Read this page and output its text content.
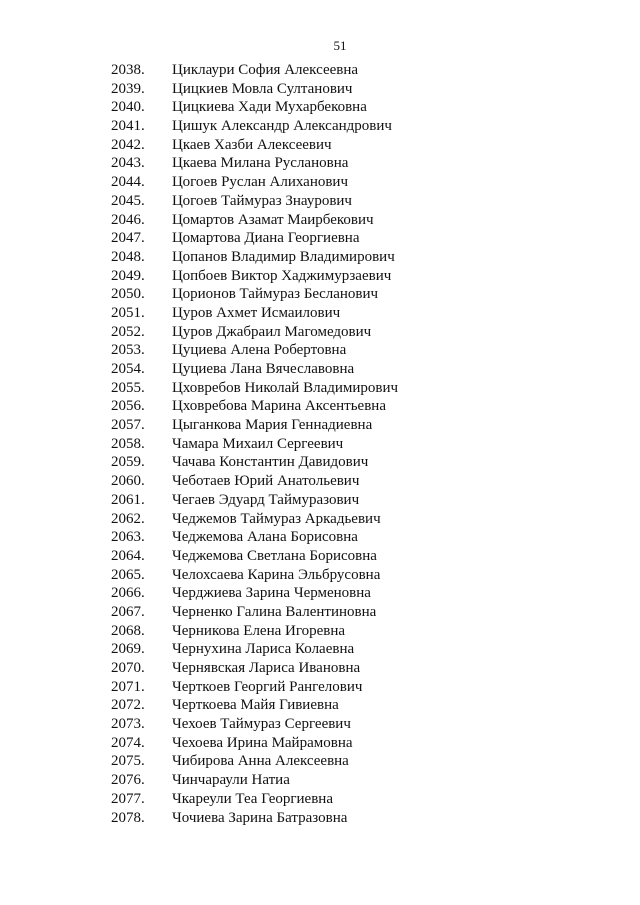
51
2038. Циклаури София Алексеевна
2039. Цицкиев Мовла Султанович
2040. Цицкиева Хади Мухарбековна
2041. Цишук Александр Александрович
2042. Цкаев Хазби Алексеевич
2043. Цкаева Милана Руслановна
2044. Цогоев Руслан Алиханович
2045. Цогоев Таймураз Знаурович
2046. Цомартов Азамат Маирбекович
2047. Цомартова Диана Георгиевна
2048. Цопанов Владимир Владимирович
2049. Цопбоев Виктор Хаджимурзаевич
2050. Цорионов Таймураз Беcланович
2051. Цуров Ахмет Исмаилович
2052. Цуров Джабраил Магомедович
2053. Цуциева Алена Робертовна
2054. Цуциева Лана Вячеславовна
2055. Цховребов Николай Владимирович
2056. Цховребова Марина Аксентьевна
2057. Цыганкова Мария Геннадиевна
2058. Чамара Михаил Сергеевич
2059. Чачава Константин Давидович
2060. Чеботаев Юрий Анатольевич
2061. Чегаев Эдуард Таймуразович
2062. Чеджемов Таймураз Аркадьевич
2063. Чеджемова Алана Борисовна
2064. Чеджемова Светлана Борисовна
2065. Челохсаева Карина Эльбрусовна
2066. Черджиева Зарина Черменовна
2067. Черненко Галина Валентиновна
2068. Черникова Елена Игоревна
2069. Чернухина Лариса Колаевна
2070. Чернявская Лариса Ивановна
2071. Черткоев Георгий Рангелович
2072. Черткоева Майя Гивиевна
2073. Чехоев Таймураз Сергеевич
2074. Чехоева Ирина Майрамовна
2075. Чибирова Анна Алексеевна
2076. Чинчараули Натиа
2077. Чкареули Теа Георгиевна
2078. Чочиева Зарина Батразовна
